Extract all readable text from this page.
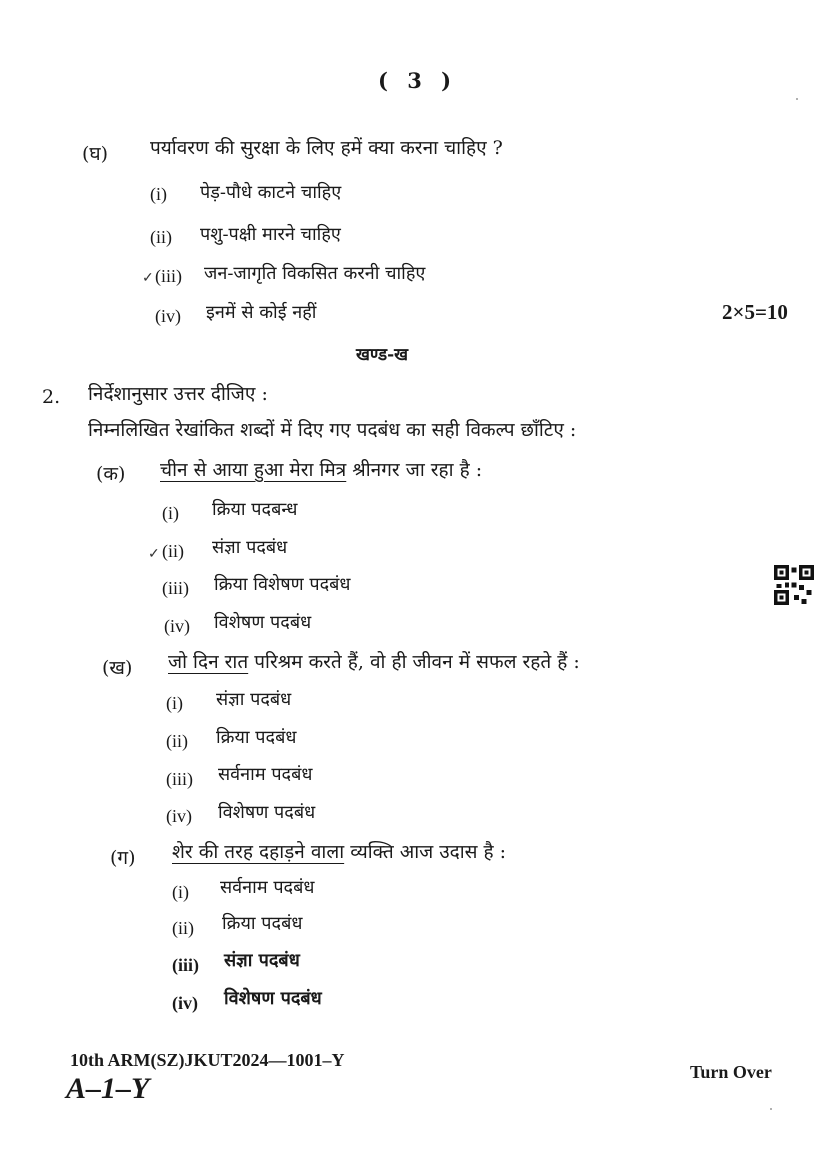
( 3 )
(घ) पर्यावरण की सुरक्षा के लिए हमें क्या करना चाहिए ?
(i) पेड़-पौधे काटने चाहिए
(ii) पशु-पक्षी मारने चाहिए
✓ (iii) जन-जागृति विकसित करनी चाहिए
(iv) इनमें से कोई नहीं	2×5=10
खण्ड-ख
2. निर्देशानुसार उत्तर दीजिए :
निम्नलिखित रेखांकित शब्दों में दिए गए पदबंध का सही विकल्प छाँटिए :
(क) चीन से आया हुआ मेरा मित्र श्रीनगर जा रहा है :
(i) क्रिया पदबन्ध
✓ (ii) संज्ञा पदबंध
(iii) क्रिया विशेषण पदबंध
(iv) विशेषण पदबंध
(ख) जो दिन रात परिश्रम करते हैं, वो ही जीवन में सफल रहते हैं :
(i) संज्ञा पदबंध
(ii) क्रिया पदबंध
(iii) सर्वनाम पदबंध
(iv) विशेषण पदबंध
(ग) शेर की तरह दहाड़ने वाला व्यक्ति आज उदास है :
(i) सर्वनाम पदबंध
(ii) क्रिया पदबंध
(iii) संज्ञा पदबंध
(iv) विशेषण पदबंध
10th ARM(SZ)JKUT2024—1001–Y
A–1–Y	Turn Over
